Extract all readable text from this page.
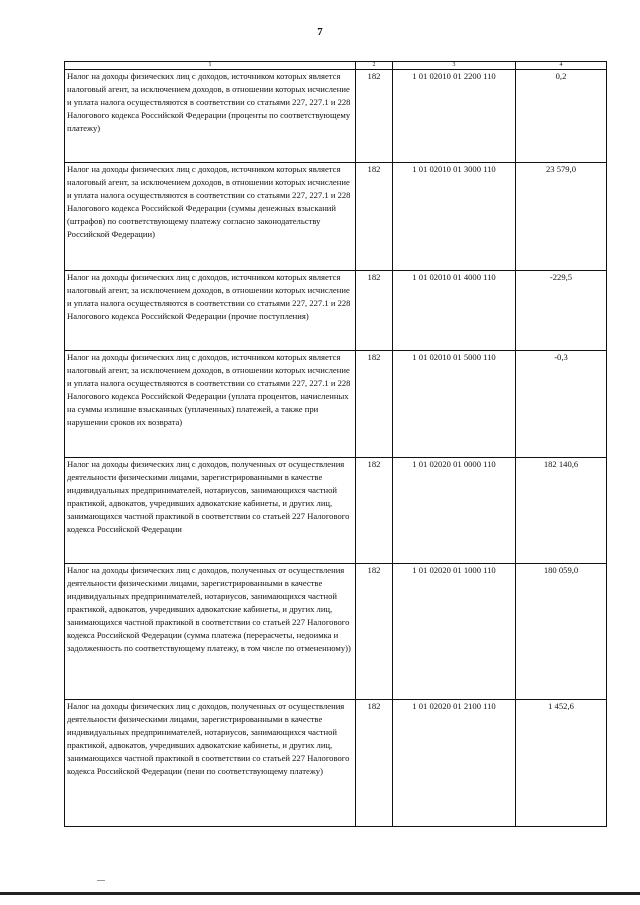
7
1	2	3	4
Налог на доходы физических лиц с доходов, источником которых является налоговый агент, за исключением доходов, в отношении которых исчисление и уплата налога осуществляются в соответствии со статьями 227, 227.1 и 228 Налогового кодекса Российской Федерации (проценты по соответствующему платежу)	182	1 01 02010 01 2200 110	0,2
Налог на доходы физических лиц с доходов, источником которых является налоговый агент, за исключением доходов, в отношении которых исчисление и уплата налога осуществляются в соответствии со статьями 227, 227.1 и 228 Налогового кодекса Российской Федерации (суммы денежных взысканий (штрафов) по соответствующему платежу согласно законодательству Российской Федерации)	182	1 01 02010 01 3000 110	23 579,0
Налог на доходы физических лиц с доходов, источником которых является налоговый агент, за исключением доходов, в отношении которых исчисление и уплата налога осуществляются в соответствии со статьями 227, 227.1 и 228 Налогового кодекса Российской Федерации (прочие поступления)	182	1 01 02010 01 4000 110	-229,5
Налог на доходы физических лиц с доходов, источником которых является налоговый агент, за исключением доходов, в отношении которых исчисление и уплата налога осуществляются в соответствии со статьями 227, 227.1 и 228 Налогового кодекса Российской Федерации (уплата процентов, начисленных на суммы излишне взысканных (уплаченных) платежей, а также при нарушении сроков их возврата)	182	1 01 02010 01 5000 110	-0,3
Налог на доходы физических лиц с доходов, полученных от осуществления деятельности физическими лицами, зарегистрированными в качестве индивидуальных предпринимателей, нотариусов, занимающихся частной практикой, адвокатов, учредивших адвокатские кабинеты, и других лиц, занимающихся частной практикой в соответствии со статьей 227 Налогового кодекса Российской Федерации	182	1 01 02020 01 0000 110	182 140,6
Налог на доходы физических лиц с доходов, полученных от осуществления деятельности физическими лицами, зарегистрированными в качестве индивидуальных предпринимателей, нотариусов, занимающихся частной практикой, адвокатов, учредивших адвокатские кабинеты, и других лиц, занимающихся частной практикой в соответствии со статьей 227 Налогового кодекса Российской Федерации (сумма платежа (перерасчеты, недоимка и задолженность по соответствующему платежу, в том числе по отмененному))	182	1 01 02020 01 1000 110	180 059,0
Налог на доходы физических лиц с доходов, полученных от осуществления деятельности физическими лицами, зарегистрированными в качестве индивидуальных предпринимателей, нотариусов, занимающихся частной практикой, адвокатов, учредивших адвокатские кабинеты, и других лиц, занимающихся частной практикой в соответствии со статьей 227 Налогового кодекса Российской Федерации (пени по соответствующему платежу)	182	1 01 02020 01 2100 110	1 452,6
